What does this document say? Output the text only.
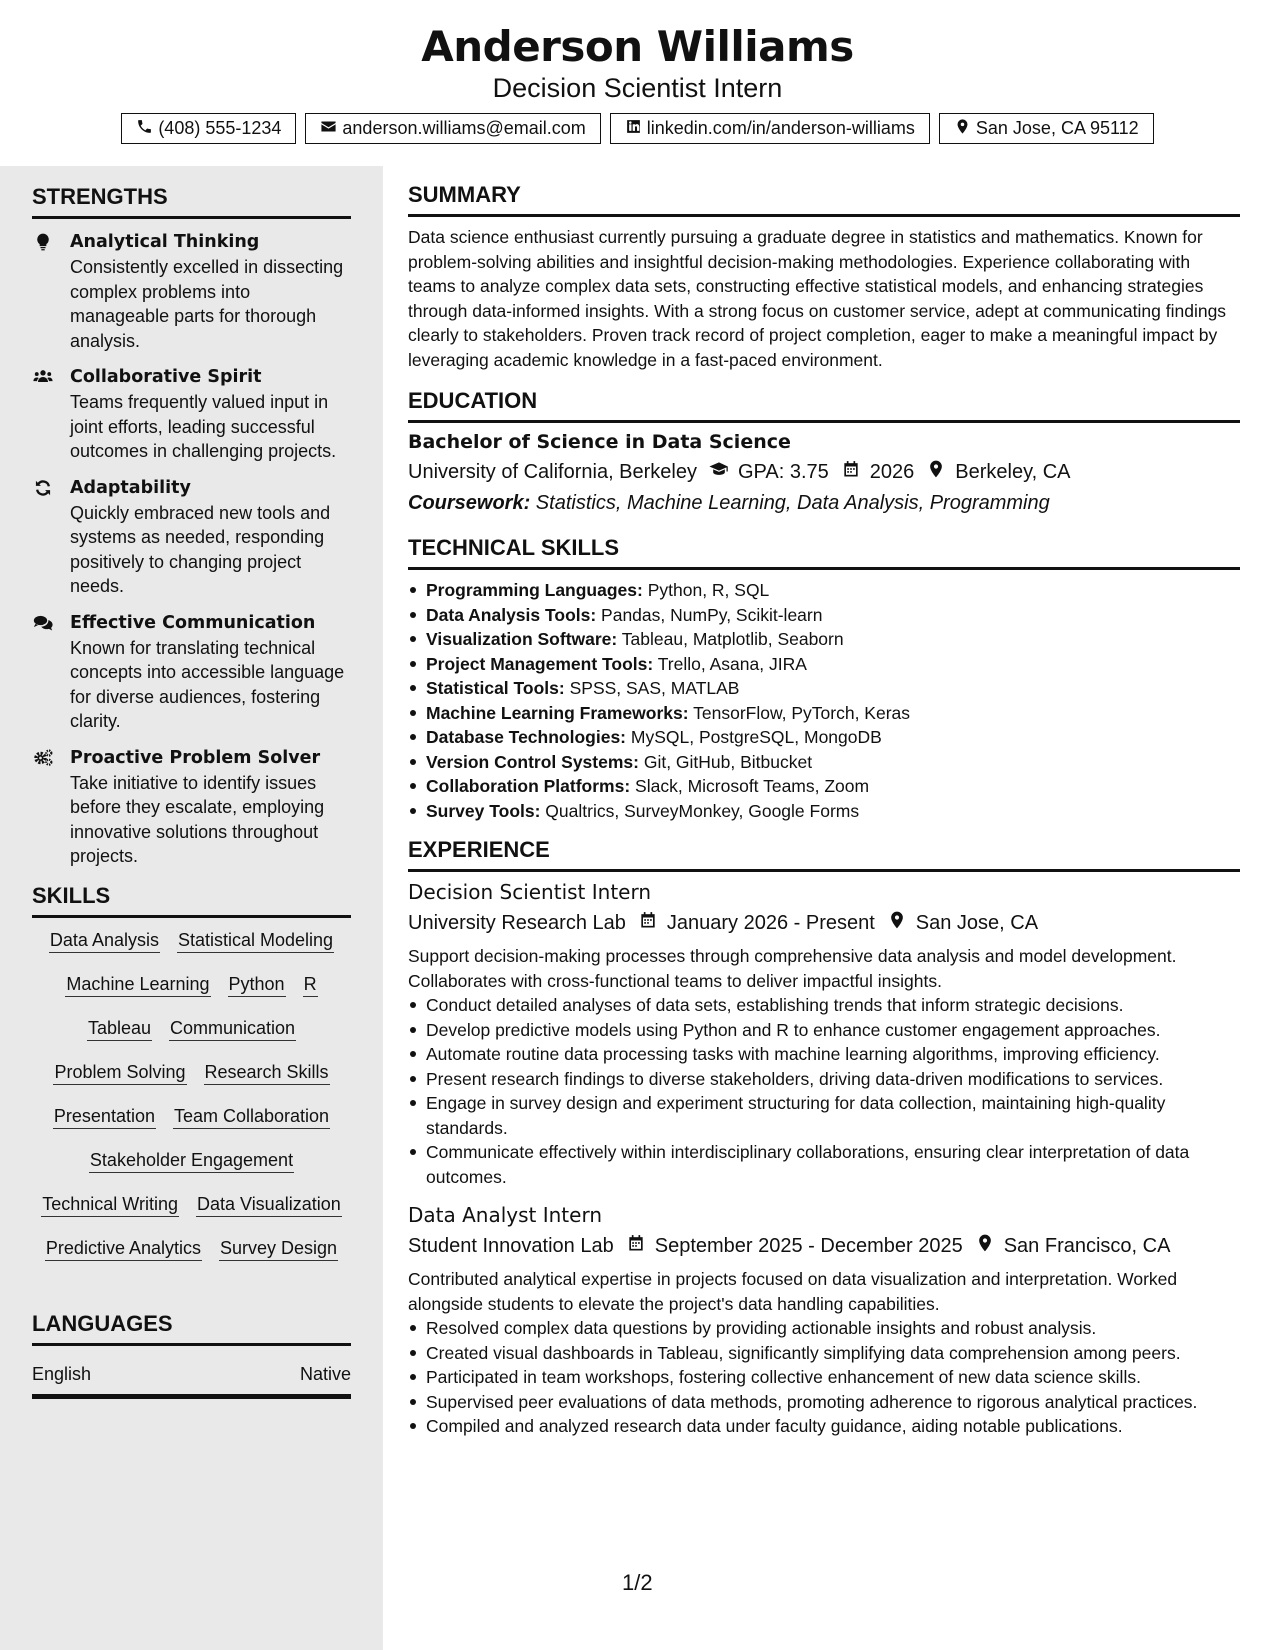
Anderson Williams
Decision Scientist Intern
(408) 555-1234	anderson.williams@email.com	linkedin.com/in/anderson-williams	San Jose, CA 95112
STRENGTHS
Analytical Thinking
Consistently excelled in dissecting complex problems into manageable parts for thorough analysis.
Collaborative Spirit
Teams frequently valued input in joint efforts, leading successful outcomes in challenging projects.
Adaptability
Quickly embraced new tools and systems as needed, responding positively to changing project needs.
Effective Communication
Known for translating technical concepts into accessible language for diverse audiences, fostering clarity.
Proactive Problem Solver
Take initiative to identify issues before they escalate, employing innovative solutions throughout projects.
SKILLS
Data Analysis Statistical Modeling
Machine Learning Python R
Tableau Communication
Problem Solving Research Skills
Presentation Team Collaboration
Stakeholder Engagement
Technical Writing Data Visualization
Predictive Analytics Survey Design
LANGUAGES
English	Native
SUMMARY
Data science enthusiast currently pursuing a graduate degree in statistics and mathematics. Known for problem-solving abilities and insightful decision-making methodologies. Experience collaborating with teams to analyze complex data sets, constructing effective statistical models, and enhancing strategies through data-informed insights. With a strong focus on customer service, adept at communicating findings clearly to stakeholders. Proven track record of project completion, eager to make a meaningful impact by leveraging academic knowledge in a fast-paced environment.
EDUCATION
Bachelor of Science in Data Science
University of California, Berkeley GPA: 3.75 2026 Berkeley, CA
Coursework: Statistics, Machine Learning, Data Analysis, Programming
TECHNICAL SKILLS
Programming Languages: Python, R, SQL
Data Analysis Tools: Pandas, NumPy, Scikit-learn
Visualization Software: Tableau, Matplotlib, Seaborn
Project Management Tools: Trello, Asana, JIRA
Statistical Tools: SPSS, SAS, MATLAB
Machine Learning Frameworks: TensorFlow, PyTorch, Keras
Database Technologies: MySQL, PostgreSQL, MongoDB
Version Control Systems: Git, GitHub, Bitbucket
Collaboration Platforms: Slack, Microsoft Teams, Zoom
Survey Tools: Qualtrics, SurveyMonkey, Google Forms
EXPERIENCE
Decision Scientist Intern
University Research Lab January 2026 - Present San Jose, CA
Support decision-making processes through comprehensive data analysis and model development. Collaborates with cross-functional teams to deliver impactful insights.
Conduct detailed analyses of data sets, establishing trends that inform strategic decisions.
Develop predictive models using Python and R to enhance customer engagement approaches.
Automate routine data processing tasks with machine learning algorithms, improving efficiency.
Present research findings to diverse stakeholders, driving data-driven modifications to services.
Engage in survey design and experiment structuring for data collection, maintaining high-quality standards.
Communicate effectively within interdisciplinary collaborations, ensuring clear interpretation of data outcomes.
Data Analyst Intern
Student Innovation Lab September 2025 - December 2025 San Francisco, CA
Contributed analytical expertise in projects focused on data visualization and interpretation. Worked alongside students to elevate the project's data handling capabilities.
Resolved complex data questions by providing actionable insights and robust analysis.
Created visual dashboards in Tableau, significantly simplifying data comprehension among peers.
Participated in team workshops, fostering collective enhancement of new data science skills.
Supervised peer evaluations of data methods, promoting adherence to rigorous analytical practices.
Compiled and analyzed research data under faculty guidance, aiding notable publications.
1/2
